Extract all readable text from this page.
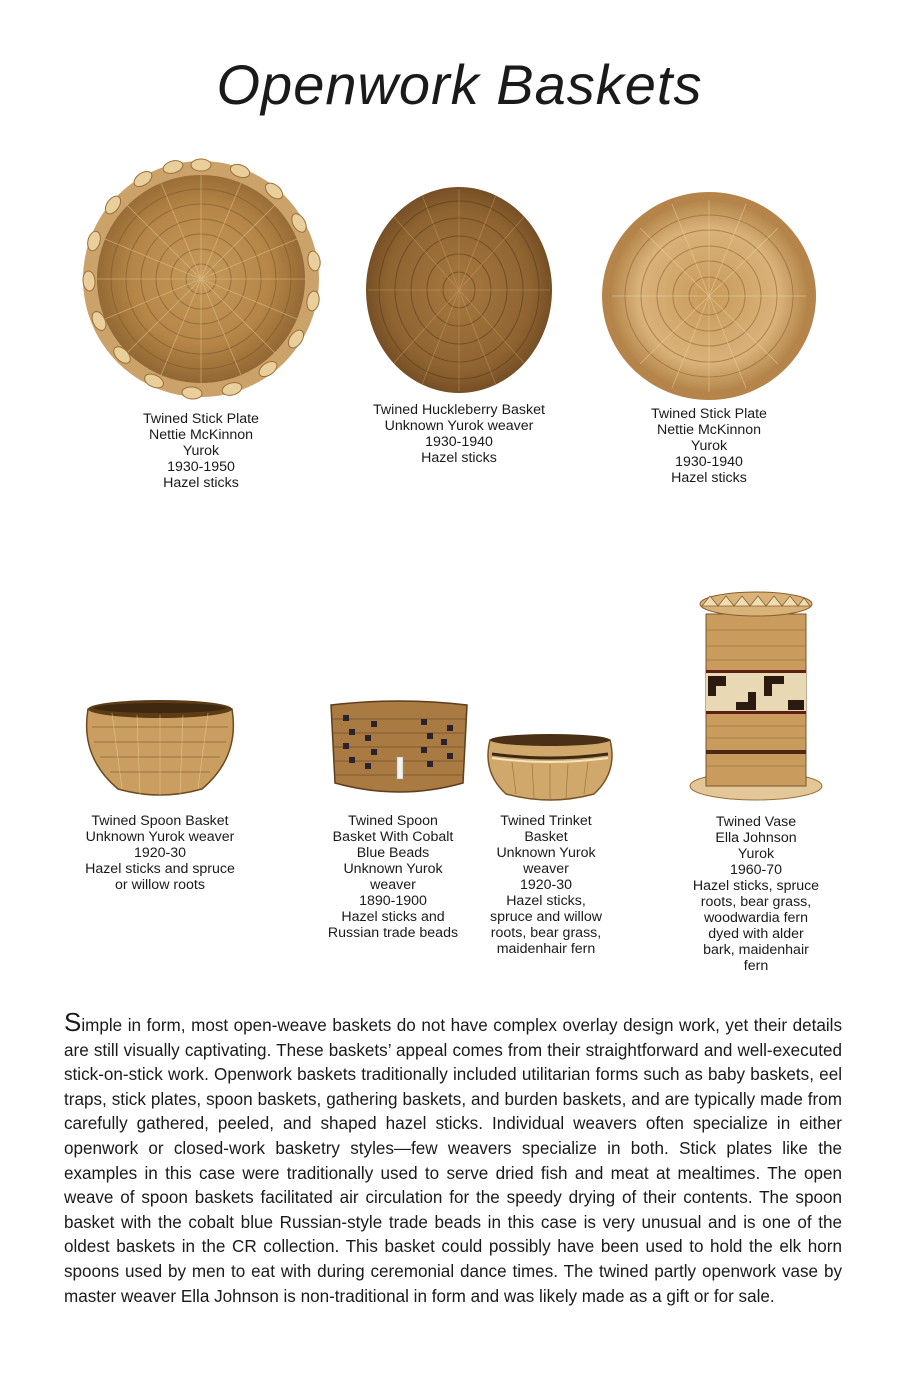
Openwork Baskets
Twined Stick Plate
Nettie McKinnon
Yurok
1930-1950
Hazel sticks
Twined Huckleberry Basket
Unknown Yurok weaver
1930-1940
Hazel sticks
Twined Stick Plate
Nettie McKinnon
Yurok
1930-1940
Hazel sticks
Twined Spoon Basket
Unknown Yurok weaver
1920-30
Hazel sticks and spruce
or willow roots
Twined Spoon
Basket With Cobalt
Blue Beads
Unknown Yurok
weaver
1890-1900
Hazel sticks and
Russian trade beads
Twined Trinket
Basket
Unknown Yurok
weaver
1920-30
Hazel sticks,
spruce and willow
roots, bear grass,
maidenhair fern
Twined Vase
Ella Johnson
Yurok
1960-70
Hazel sticks, spruce
roots, bear grass,
woodwardia fern
dyed with alder
bark, maidenhair
fern

Simple in form, most open-weave baskets do not have complex overlay design work, yet their details are still visually captivating. These baskets’ appeal comes from their straightforward and well-executed stick-on-stick work. Openwork baskets traditionally included utilitarian forms such as baby baskets, eel traps, stick plates, spoon baskets, gathering baskets, and burden baskets, and are typically made from carefully gathered, peeled, and shaped hazel sticks. Individual weavers often specialize in either openwork or closed-work basketry styles—few weavers specialize in both. Stick plates like the examples in this case were traditionally used to serve dried fish and meat at mealtimes. The open weave of spoon baskets facilitated air circulation for the speedy drying of their contents. The spoon basket with the cobalt blue Russian-style trade beads in this case is very unusual and is one of the oldest baskets in the CR collection. This basket could possibly have been used to hold the elk horn spoons used by men to eat with during ceremonial dance times. The twined partly openwork vase by master weaver Ella Johnson is non-traditional in form and was likely made as a gift or for sale.
